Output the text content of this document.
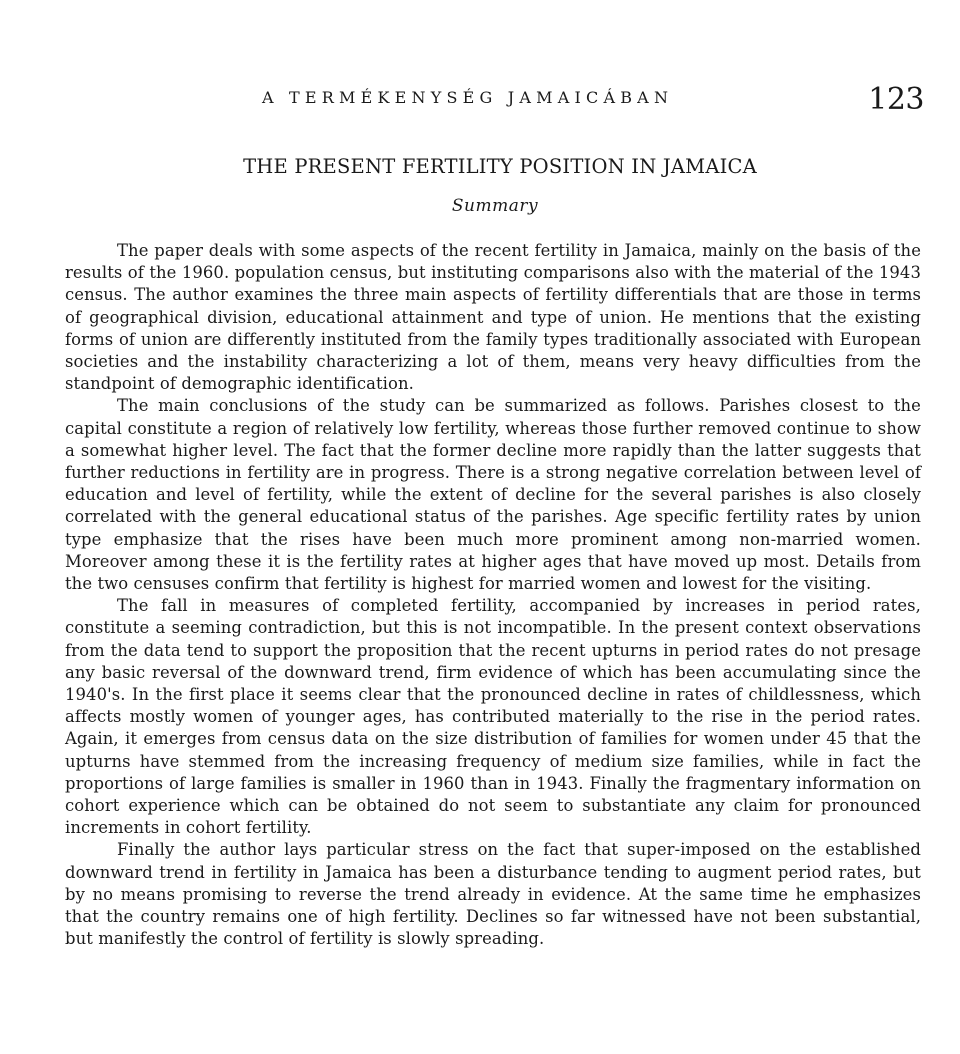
A TERMÉKENYSÉG JAMAICÁBAN	123
THE PRESENT FERTILITY POSITION IN JAMAICA
Summary

The paper deals with some aspects of the recent fertility in Jamaica, mainly on the basis of the results of the 1960. population census, but instituting comparisons also with the material of the 1943 census. The author examines the three main aspects of fertility differentials that are those in terms of geographical division, educational attainment and type of union. He mentions that the existing forms of union are differently instituted from the family types traditionally associated with European societies and the instability characterizing a lot of them, means very heavy difficulties from the standpoint of demographic identification.

The main conclusions of the study can be summarized as follows. Parishes closest to the capital constitute a region of relatively low fertility, whereas those further removed continue to show a somewhat higher level. The fact that the former decline more rapidly than the latter suggests that further reductions in fertility are in progress. There is a strong negative correlation between level of education and level of fertility, while the extent of decline for the several parishes is also closely correlated with the general educational status of the parishes. Age specific fertility rates by union type emphasize that the rises have been much more prominent among non-married women. Moreover among these it is the fertility rates at higher ages that have moved up most. Details from the two censuses confirm that fertility is highest for married women and lowest for the visiting.

The fall in measures of completed fertility, accompanied by increases in period rates, constitute a seeming contradiction, but this is not incompatible. In the present context observations from the data tend to support the proposition that the recent upturns in period rates do not presage any basic reversal of the downward trend, firm evidence of which has been accumulating since the 1940's. In the first place it seems clear that the pronounced decline in rates of childlessness, which affects mostly women of younger ages, has contributed materially to the rise in the period rates. Again, it emerges from census data on the size distribution of families for women under 45 that the upturns have stemmed from the increasing frequency of medium size families, while in fact the proportions of large families is smaller in 1960 than in 1943. Finally the fragmentary information on cohort experience which can be obtained do not seem to substantiate any claim for pronounced increments in cohort fertility.

Finally the author lays particular stress on the fact that super-imposed on the established downward trend in fertility in Jamaica has been a disturbance tending to augment period rates, but by no means promising to reverse the trend already in evidence. At the same time he emphasizes that the country remains one of high fertility. Declines so far witnessed have not been substantial, but manifestly the control of fertility is slowly spreading.
